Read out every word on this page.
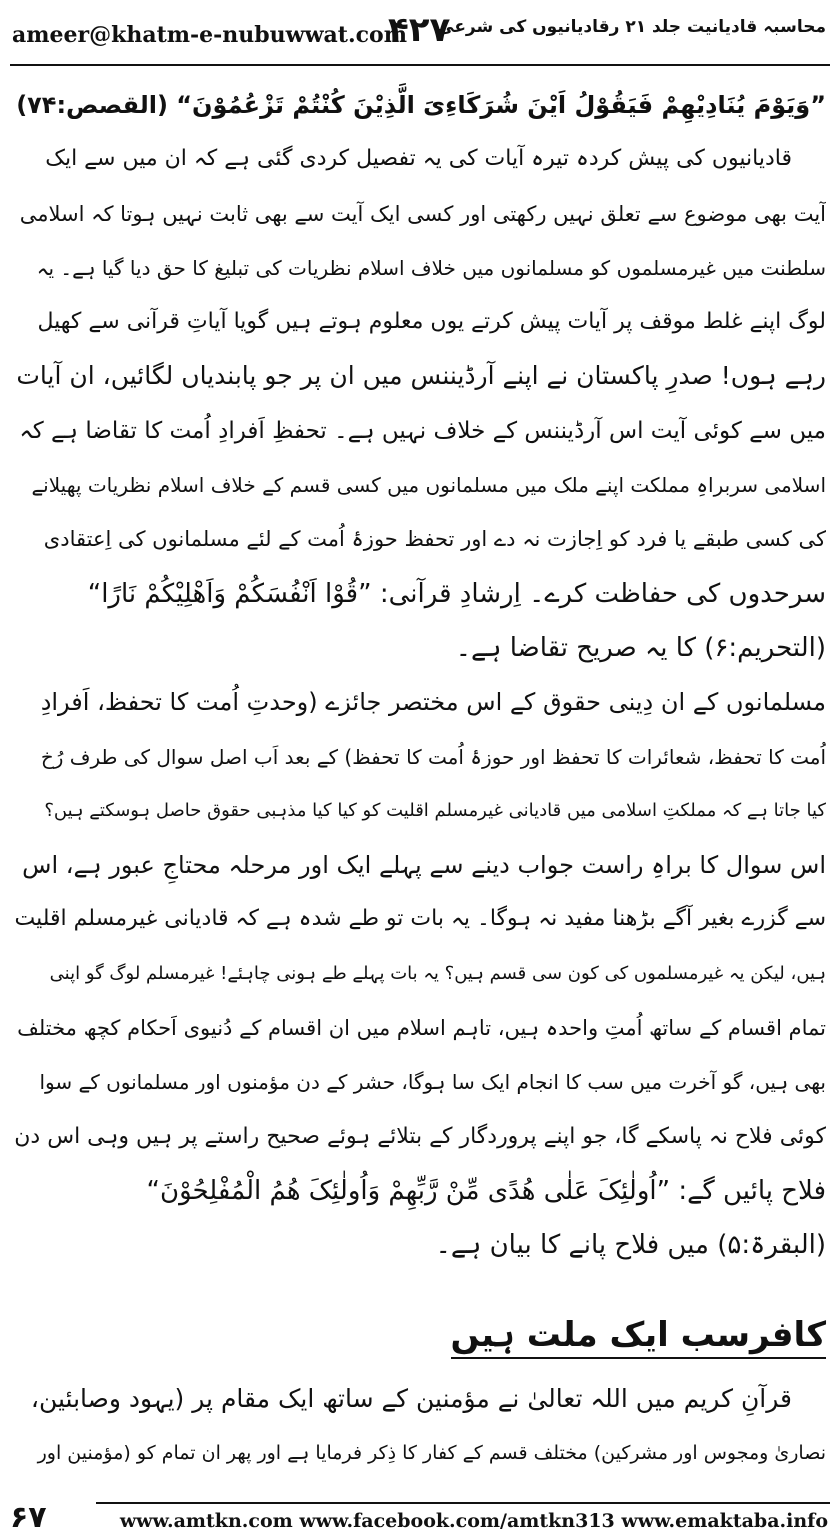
ameer@khatm-e-nubuwwat.com
۴۲۷
محاسبہ قادیانیت جلد ۲۱ رقادیانیوں کی شرعی
”وَیَوْمَ یُنَادِیْهِمْ فَیَقُوْلُ اَیْنَ شُرَکَاءِیَ الَّذِیْنَ کُنْتُمْ تَزْعُمُوْنَ“ (القصص:۷۴)
قادیانیوں کی پیش کردہ تیرہ آیات کی یہ تفصیل کردی گئی ہے کہ ان میں سے ایک
آیت بھی موضوع سے تعلق نہیں رکھتی اور کسی ایک آیت سے بھی ثابت نہیں ہوتا کہ اسلامی
سلطنت میں غیرمسلموں کو مسلمانوں میں خلاف اسلام نظریات کی تبلیغ کا حق دیا گیا ہے۔ یہ
لوگ اپنے غلط موقف پر آیات پیش کرتے یوں معلوم ہوتے ہیں گویا آیاتِ قرآنی سے کھیل
رہے ہوں! صدرِ پاکستان نے اپنے آرڈیننس میں ان پر جو پابندیاں لگائیں، ان آیات
میں سے کوئی آیت اس آرڈیننس کے خلاف نہیں ہے۔ تحفظِ اَفرادِ اُمت کا تقاضا ہے کہ
اسلامی سربراہِ مملکت اپنے ملک میں مسلمانوں میں کسی قسم کے خلاف اسلام نظریات پھیلانے
کی کسی طبقے یا فرد کو اِجازت نہ دے اور تحفظ حوزۂ اُمت کے لئے مسلمانوں کی اِعتقادی
سرحدوں کی حفاظت کرے۔ اِرشادِ قرآنی: ”قُوْا اَنْفُسَکُمْ وَاَهْلِیْکُمْ نَارًا“
(التحریم:۶) کا یہ صریح تقاضا ہے۔
مسلمانوں کے ان دِینی حقوق کے اس مختصر جائزے (وحدتِ اُمت کا تحفظ، اَفرادِ
اُمت کا تحفظ، شعائرات کا تحفظ اور حوزۂ اُمت کا تحفظ) کے بعد اَب اصل سوال کی طرف رُخ
کیا جاتا ہے کہ مملکتِ اسلامی میں قادیانی غیرمسلم اقلیت کو کیا کیا مذہبی حقوق حاصل ہوسکتے ہیں؟
اس سوال کا براہِ راست جواب دینے سے پہلے ایک اور مرحلہ محتاجِ عبور ہے، اس
سے گزرے بغیر آگے بڑھنا مفید نہ ہوگا۔ یہ بات تو طے شدہ ہے کہ قادیانی غیرمسلم اقلیت
ہیں، لیکن یہ غیرمسلموں کی کون سی قسم ہیں؟ یہ بات پہلے طے ہونی چاہئے! غیرمسلم لوگ گو اپنی
تمام اقسام کے ساتھ اُمتِ واحدہ ہیں، تاہم اسلام میں ان اقسام کے دُنیوی اَحکام کچھ مختلف
بھی ہیں، گو آخرت میں سب کا انجام ایک سا ہوگا، حشر کے دن مؤمنوں اور مسلمانوں کے سوا
کوئی فلاح نہ پاسکے گا، جو اپنے پروردگار کے بتلائے ہوئے صحیح راستے پر ہیں وہی اس دن
فلاح پائیں گے: ”اُولٰئِکَ عَلٰی هُدًی مِّنْ رَّبِّهِمْ وَاُولٰئِکَ هُمُ الْمُفْلِحُوْنَ“
(البقرۃ:۵) میں فلاح پانے کا بیان ہے۔
کافرسب ایک ملت ہیں
قرآنِ کریم میں اللہ تعالیٰ نے مؤمنین کے ساتھ ایک مقام پر (یہود وصابئین،
نصاریٰ ومجوس اور مشرکین) مختلف قسم کے کفار کا ذِکر فرمایا ہے اور پھر ان تمام کو (مؤمنین اور
۶۷	www.amtkn.com www.facebook.com/amtkn313 www.emaktaba.info
